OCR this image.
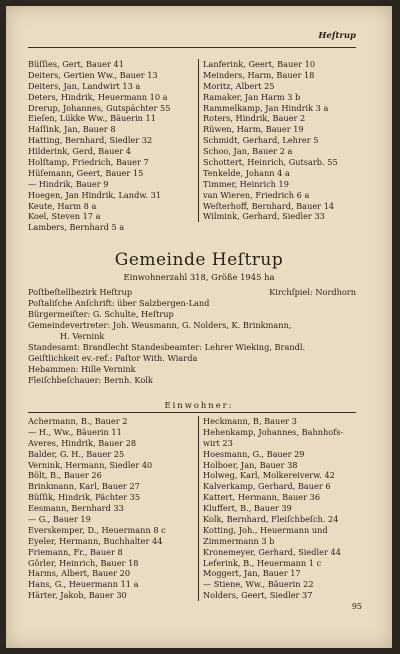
Heſtrup
Büſſies, Gert, Bauer 41
Deiters, Gertien Ww., Bauer 13
Deiters, Jan, Landwirt 13 a
Deters, Hindrik, Heuermann 10 a
Drerup, Johannes, Gutspächter 55
Eieſen, Lükke Ww., Bäuerin 11
Haſſink, Jan, Bauer 8
Hatting, Bernhard, Siedler 32
Hilderink, Gerd, Bauer 4
Holſtamp, Friedrich, Bauer 7
Hüſemann, Geert, Bauer 15
— Hindrik, Bauer 9
Hoegen, Jan Hindrik, Landw. 31
Keute, Harm 8 a
Koel, Steven 17 a
Lambers, Bernhard 5 a
Lanferink, Geert, Bauer 10
Meinders, Harm, Bauer 18
Moritz, Albert 25
Ramaker, Jan Harm 3 b
Rammelkamp, Jan Hindrik 3 a
Roters, Hindrik, Bauer 2
Rüwen, Harm, Bauer 19
Schmidt, Gerhard, Lehrer 5
Schoo, Jan, Bauer 2 a
Schottert, Heinrich, Gutsarb. 55
Tenkelde, Johann 4 a
Timmer, Heinrich 19
van Wieren, Friedrich 6 a
Weſterhoff, Bernhard, Bauer 14
Wilmink, Gerhard, Siedler 33
Gemeinde Heſtrup
Einwohnerzahl 318, Größe 1945 ha
Poſtbeſtellbezirk Heſtrup	Kirchſpiel: Nordhorn
Poſtaliſche Anſchrift: über Salzbergen-Land
Bürgermeiſter: G. Schulte, Heſtrup
Gemeindevertreter: Joh. Weusmann, G. Nolders, K. Brinkmann,
H. Vernink
Standesamt: Brandlecht Standesbeamter: Lehrer Wieking, Brandl.
Geiſtlichkeit ev.-ref.: Paſtor With. Wiarda
Hebammen: Hille Vernink
Fleiſchbeſchauer: Bernh. Kolk
Einwohner:
Achermann, B., Bauer 2
— H., Ww., Bäuerin 11
Averes, Hindrik, Bauer 28
Balder, G. H., Bauer 25
Vernink, Hermann, Siedler 40
Bölt, B., Bauer 26
Brinkmann, Karl, Bauer 27
Büſſik, Hindrik, Pächter 35
Eesmann, Bernhard 33
— G., Bauer 19
Everskemper, D., Heuermann 8 c
Eyeler, Hermann, Buchhalter 44
Friemann, Fr., Bauer 8
Görler, Heinrich, Bauer 18
Harms, Albert, Bauer 20
Hans, G., Heuermann 11 a
Härter, Jakob, Bauer 30
Heckmann, B, Bauer 3
Hehenkamp, Johannes, Bahnhofs-
wirt 23
Hoesmann, G., Bauer 29
Holboer, Jan, Bauer 38
Holweg, Karl, Molkereiverw. 42
Kalverkamp, Gerhard, Bauer 6
Kattert, Hermann, Bauer 36
Kluffert, B., Bauer 39
Kolk, Bernhard, Fleiſchbeſch. 24
Kotting, Joh., Heuermann und
Zimmermann 3 b
Kronemeyer, Gerhard, Siedler 44
Leferink, B., Heuermann 1 c
Moggert, Jan, Bauer 17
— Stiene, Ww., Bäuerin 22
Nolders, Geert, Siedler 37
95
